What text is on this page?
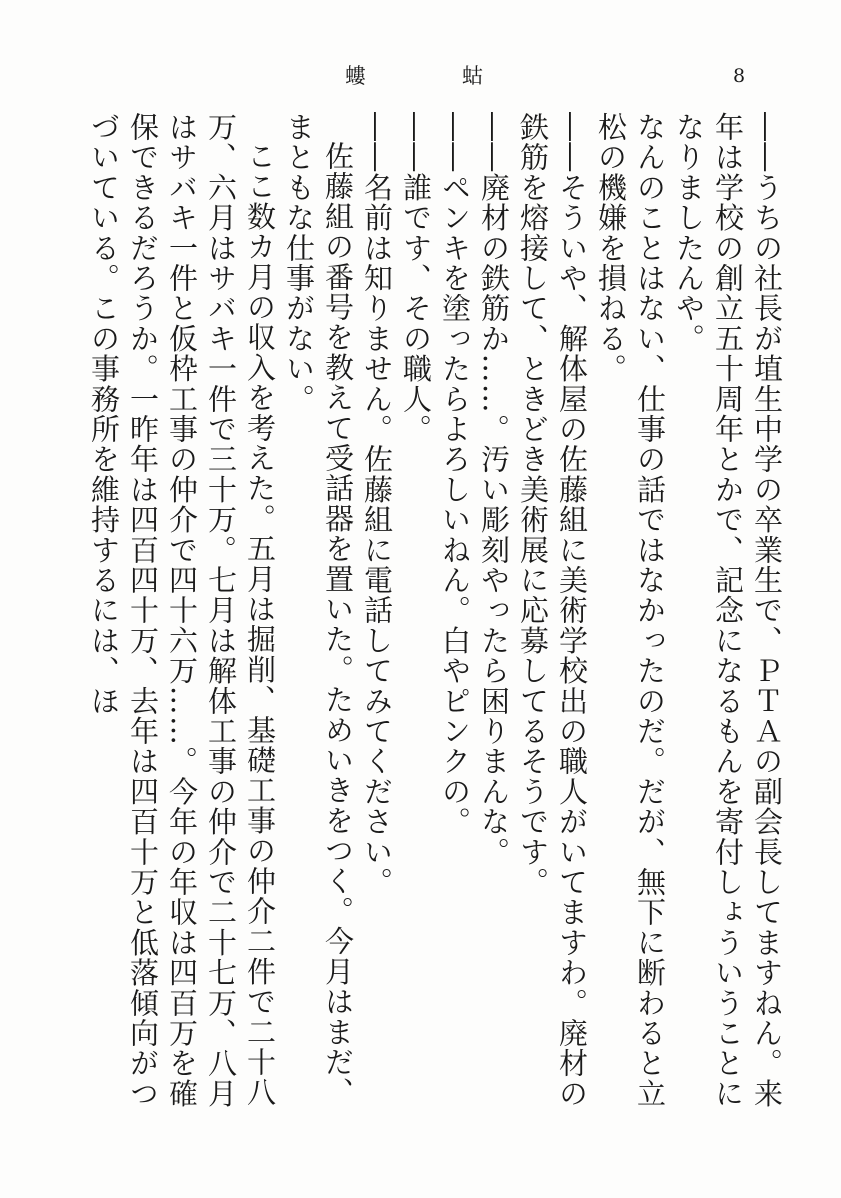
螻	蛄	8

――うちの社長が埴生中学の卒業生で、ＰＴＡの副会長してますねん。来年は学校の創立五十周年とかで、記念になるもんを寄付しょういうことになりましたんや。

なんのことはない、仕事の話ではなかったのだ。だが、無下に断わると立松の機嫌を損ねる。

――そういや、解体屋の佐藤組に美術学校出の職人がいてますわ。廃材の鉄筋を熔接して、ときどき美術展に応募してるそうです。

――廃材の鉄筋か……。汚い彫刻やったら困りまんな。

――ペンキを塗ったらよろしいねん。白やピンクの。

――誰です、その職人。

――名前は知りません。佐藤組に電話してみてください。

佐藤組の番号を教えて受話器を置いた。ためいきをつく。今月はまだ、まともな仕事がない。

ここ数カ月の収入を考えた。五月は掘削、基礎工事の仲介二件で二十八万、六月はサバキ一件で三十万。七月は解体工事の仲介で二十七万、八月はサバキ一件と仮枠工事の仲介で四十六万……。今年の年収は四百万を確保できるだろうか。一昨年は四百四十万、去年は四百十万と低落傾向がつづいている。この事務所を維持するには、ほ
